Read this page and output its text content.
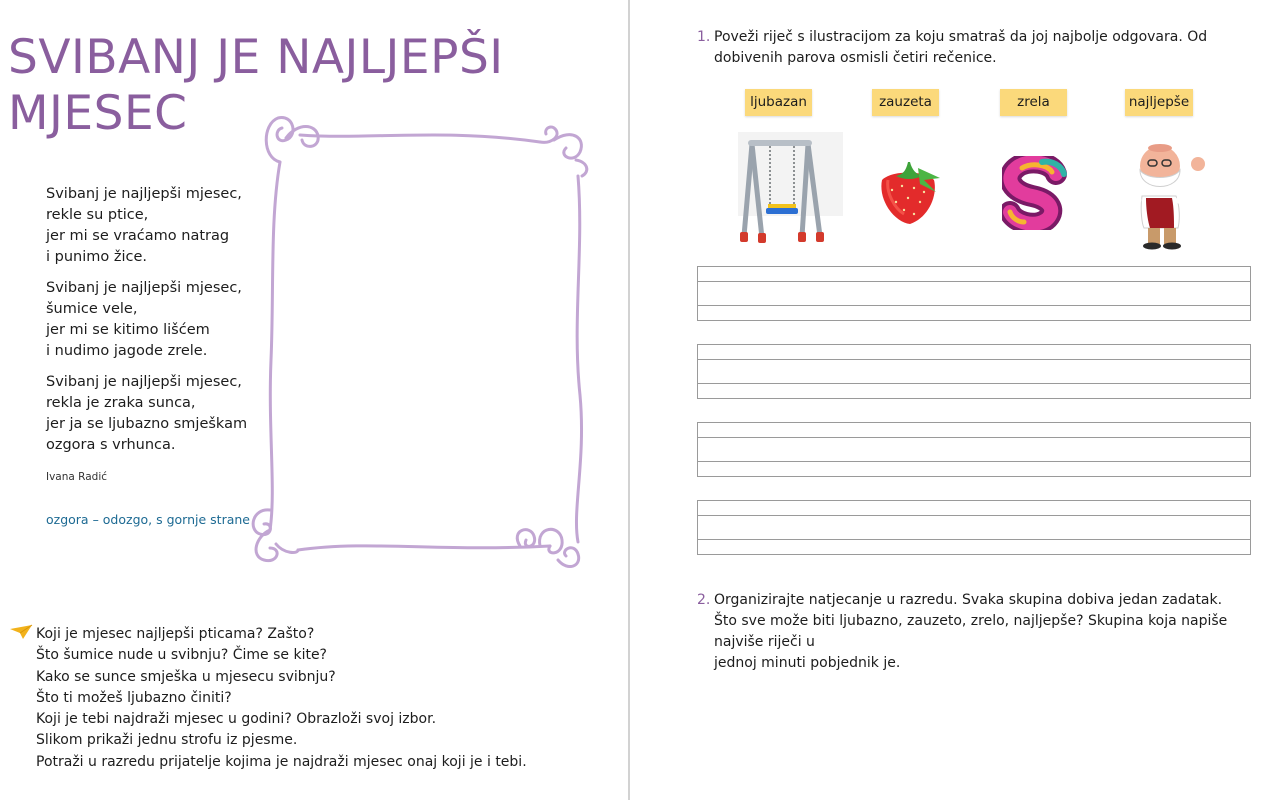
SVIBANJ JE NAJLJEPŠI
MJESEC
Svibanj je najljepši mjesec,
rekle su ptice,
jer mi se vraćamo natrag
i punimo žice.
Svibanj je najljepši mjesec,
šumice vele,
jer mi se kitimo lišćem
i nudimo jagode zrele.
Svibanj je najljepši mjesec,
rekla je zraka sunca,
jer ja se ljubazno smješkam
ozgora s vrhunca.
Ivana Radić
ozgora – odozgo, s gornje strane
Koji je mjesec najljepši pticama? Zašto?
Što šumice nude u svibnju? Čime se kite?
Kako se sunce smješka u mjesecu svibnju?
Što ti možeš ljubazno činiti?
Koji je tebi najdraži mjesec u godini? Obrazloži svoj izbor.
Slikom prikaži jednu strofu iz pjesme.
Potraži u razredu prijatelje kojima je najdraži mjesec onaj koji je i tebi.
1. Poveži riječ s ilustracijom za koju smatraš da joj najbolje odgovara. Od dobivenih parova osmisli četiri rečenice.
ljubazan	zauzeta	zrela	najljepše
2. Organizirajte natjecanje u razredu. Svaka skupina dobiva jedan zadatak.
Što sve može biti ljubazno, zauzeto, zrelo, najljepše? Skupina koja napiše najviše riječi u
jednoj minuti pobjednik je.
